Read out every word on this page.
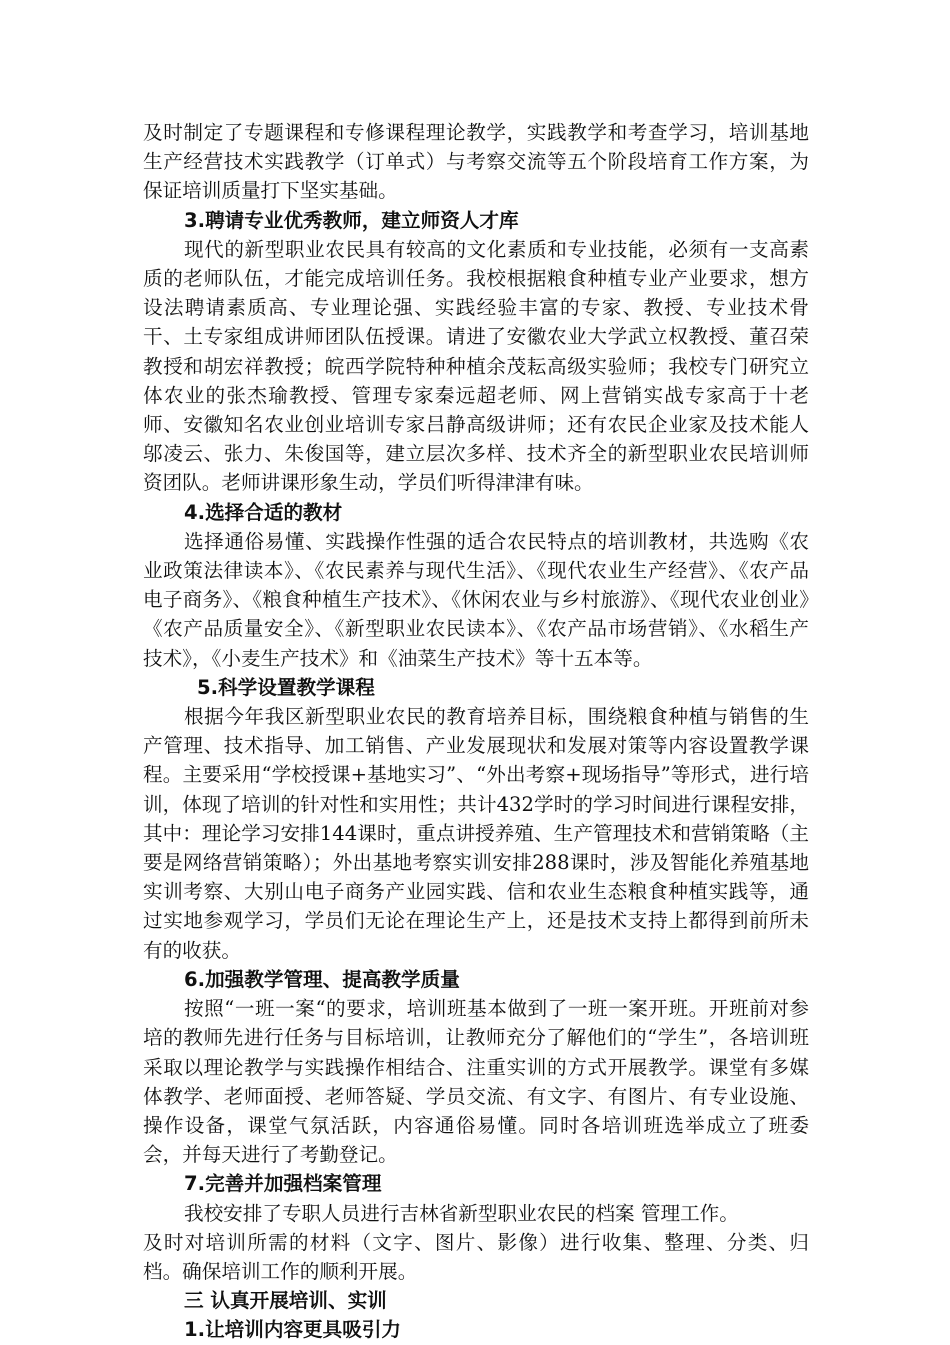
及时制定了专题课程和专修课程理论教学，实践教学和考查学习，培训基地生产经营技术实践教学（订单式）与考察交流等五个阶段培育工作方案，为保证培训质量打下坚实基础。

3.聘请专业优秀教师，建立师资人才库

现代的新型职业农民具有较高的文化素质和专业技能，必须有一支高素质的老师队伍，才能完成培训任务。我校根据粮食种植专业产业要求，想方设法聘请素质高、专业理论强、实践经验丰富的专家、教授、专业技术骨干、土专家组成讲师团队伍授课。请进了安徽农业大学武立权教授、董召荣教授和胡宏祥教授；皖西学院特种种植余茂耘高级实验师；我校专门研究立体农业的张杰瑜教授、管理专家秦远超老师、网上营销实战专家高于十老师、安徽知名农业创业培训专家吕静高级讲师；还有农民企业家及技术能人邬凌云、张力、朱俊国等，建立层次多样、技术齐全的新型职业农民培训师资团队。老师讲课形象生动，学员们听得津津有味。

4.选择合适的教材

选择通俗易懂、实践操作性强的适合农民特点的培训教材，共选购《农业政策法律读本》、《农民素养与现代生活》、《现代农业生产经营》、《农产品电子商务》、《粮食种植生产技术》、《休闲农业与乡村旅游》、《现代农业创业》《农产品质量安全》、《新型职业农民读本》、《农产品市场营销》、《水稻生产技术》，《小麦生产技术》和《油菜生产技术》等十五本等。

5.科学设置教学课程

根据今年我区新型职业农民的教育培养目标，围绕粮食种植与销售的生产管理、技术指导、加工销售、产业发展现状和发展对策等内容设置教学课程。主要采用“学校授课+基地实习”、“外出考察+现场指导”等形式，进行培训，体现了培训的针对性和实用性；共计432学时的学习时间进行课程安排，其中：理论学习安排144课时，重点讲授养殖、生产管理技术和营销策略（主要是网络营销策略）；外出基地考察实训安排288课时，涉及智能化养殖基地实训考察、大别山电子商务产业园实践、信和农业生态粮食种植实践等，通过实地参观学习，学员们无论在理论生产上，还是技术支持上都得到前所未有的收获。

6.加强教学管理、提高教学质量

按照“一班一案“的要求，培训班基本做到了一班一案开班。开班前对参培的教师先进行任务与目标培训，让教师充分了解他们的“学生”，各培训班采取以理论教学与实践操作相结合、注重实训的方式开展教学。课堂有多媒体教学、老师面授、老师答疑、学员交流、有文字、有图片、有专业设施、操作设备，课堂气氛活跃，内容通俗易懂。同时各培训班选举成立了班委会，并每天进行了考勤登记。

7.完善并加强档案管理

我校安排了专职人员进行吉林省新型职业农民的档案 管理工作。

及时对培训所需的材料（文字、图片、影像）进行收集、整理、分类、归档。确保培训工作的顺利开展。

三 认真开展培训、实训

1.让培训内容更具吸引力
